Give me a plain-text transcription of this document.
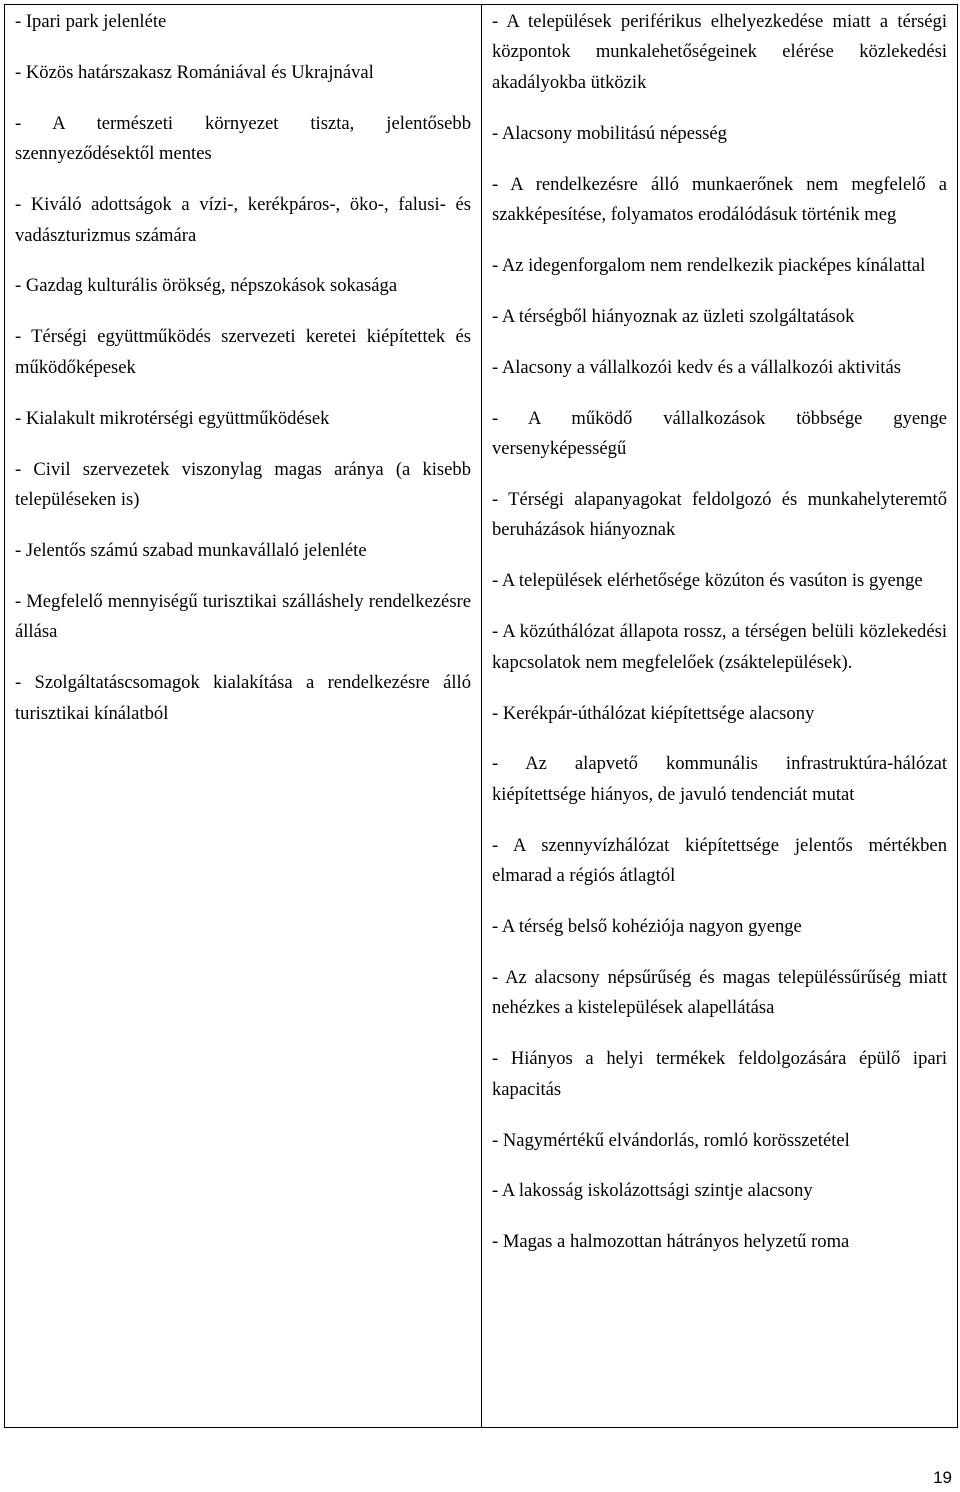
- Ipari park jelenléte

- Közös határszakasz Romániával és Ukrajnával

- A természeti környezet tiszta, jelentősebb szennyeződésektől mentes

- Kiváló adottságok a vízi-, kerékpáros-, öko-, falusi- és vadászturizmus számára

- Gazdag kulturális örökség, népszokások sokasága

- Térségi együttműködés szervezeti keretei kiépítettek és működőképesek

- Kialakult mikrotérségi együttműködések

- Civil szervezetek viszonylag magas aránya (a kisebb településeken is)

- Jelentős számú szabad munkavállaló jelenléte

- Megfelelő mennyiségű turisztikai szálláshely rendelkezésre állása

- Szolgáltatáscsomagok kialakítása a rendelkezésre álló turisztikai kínálatból

- A települések periférikus elhelyezkedése miatt a térségi központok munkalehetőségeinek elérése közlekedési akadályokba ütközik

- Alacsony mobilitású népesség

- A rendelkezésre álló munkaerőnek nem megfelelő a szakképesítése, folyamatos erodálódásuk történik meg

- Az idegenforgalom nem rendelkezik piacképes kínálattal

- A térségből hiányoznak az üzleti szolgáltatások

- Alacsony a vállalkozói kedv és a vállalkozói aktivitás

- A működő vállalkozások többsége gyenge versenyképességű

- Térségi alapanyagokat feldolgozó és munkahelyteremtő beruházások hiányoznak

- A települések elérhetősége közúton és vasúton is gyenge

- A közúthálózat állapota rossz, a térségen belüli közlekedési kapcsolatok nem megfelelőek (zsáktelepülések).

- Kerékpár-úthálózat kiépítettsége alacsony

- Az alapvető kommunális infrastruktúra-hálózat kiépítettsége hiányos, de javuló tendenciát mutat

- A szennyvízhálózat kiépítettsége jelentős mértékben elmarad a régiós átlagtól

- A térség belső kohéziója nagyon gyenge

- Az alacsony népsűrűség és magas településsűrűség miatt nehézkes a kistelepülések alapellátása

- Hiányos a helyi termékek feldolgozására épülő ipari kapacitás

- Nagymértékű elvándorlás, romló korösszetétel

- A lakosság iskolázottsági szintje alacsony

- Magas a halmozottan hátrányos helyzetű roma

19
